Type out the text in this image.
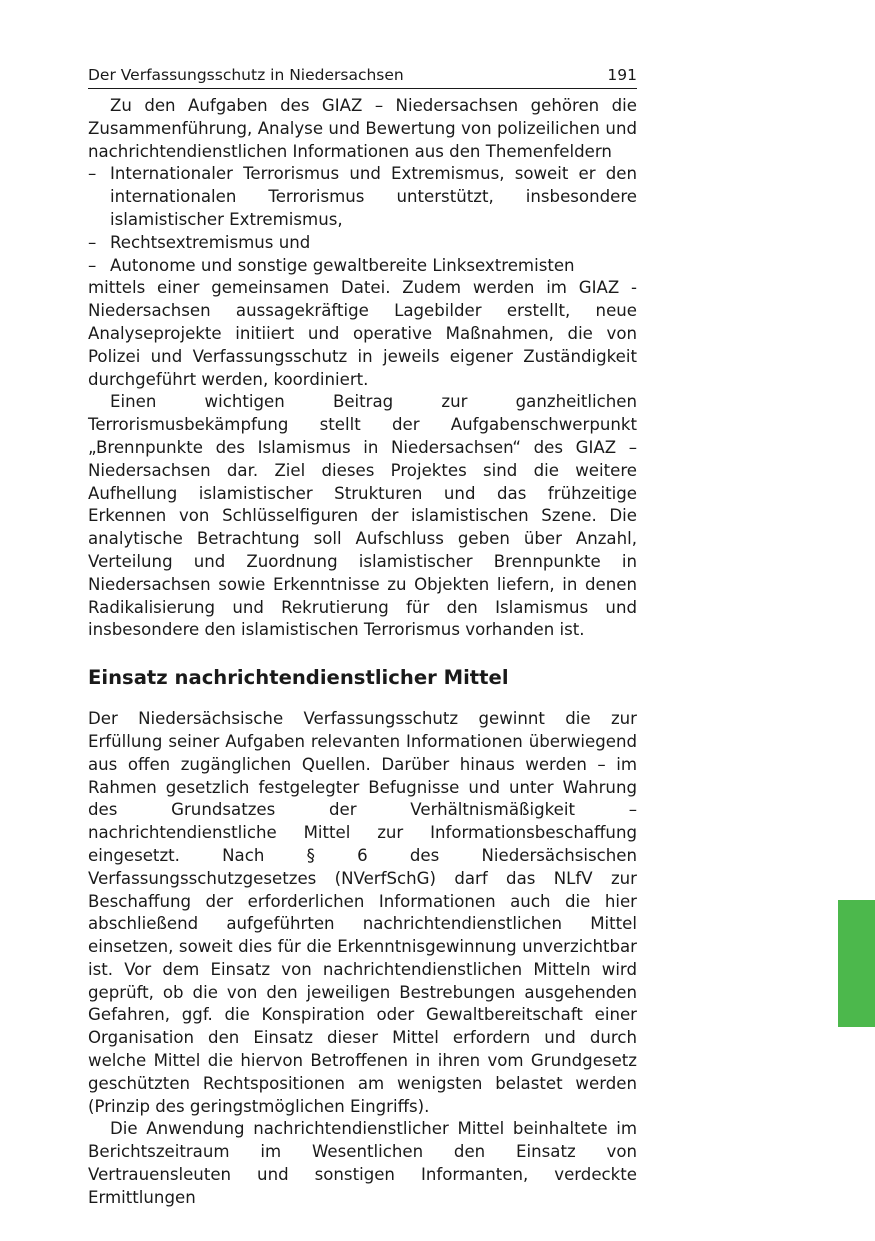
Der Verfassungsschutz in Niedersachsen	191

Zu den Aufgaben des GIAZ – Niedersachsen gehören die Zusammenführung, Analyse und Bewertung von polizeilichen und nachrichtendienstlichen Informationen aus den Themenfeldern

– Internationaler Terrorismus und Extremismus, soweit er den internationalen Terrorismus unterstützt, insbesondere islamistischer Extremismus,
– Rechtsextremismus und
– Autonome und sonstige gewaltbereite Linksextremisten

mittels einer gemeinsamen Datei. Zudem werden im GIAZ - Niedersachsen aussagekräftige Lagebilder erstellt, neue Analyseprojekte initiiert und operative Maßnahmen, die von Polizei und Verfassungsschutz in jeweils eigener Zuständigkeit durchgeführt werden, koordiniert.

Einen wichtigen Beitrag zur ganzheitlichen Terrorismusbekämpfung stellt der Aufgabenschwerpunkt „Brennpunkte des Islamismus in Niedersachsen“ des GIAZ – Niedersachsen dar. Ziel dieses Projektes sind die weitere Aufhellung islamistischer Strukturen und das frühzeitige Erkennen von Schlüsselfiguren der islamistischen Szene. Die analytische Betrachtung soll Aufschluss geben über Anzahl, Verteilung und Zuordnung islamistischer Brennpunkte in Niedersachsen sowie Erkenntnisse zu Objekten liefern, in denen Radikalisierung und Rekrutierung für den Islamismus und insbesondere den islamistischen Terrorismus vorhanden ist.

Einsatz nachrichtendienstlicher Mittel

Der Niedersächsische Verfassungsschutz gewinnt die zur Erfüllung seiner Aufgaben relevanten Informationen überwiegend aus offen zugänglichen Quellen. Darüber hinaus werden – im Rahmen gesetzlich festgelegter Befugnisse und unter Wahrung des Grundsatzes der Verhältnismäßigkeit – nachrichtendienstliche Mittel zur Informationsbeschaffung eingesetzt. Nach § 6 des Niedersächsischen Verfassungsschutzgesetzes (NVerfSchG) darf das NLfV zur Beschaffung der erforderlichen Informationen auch die hier abschließend aufgeführten nachrichtendienstlichen Mittel einsetzen, soweit dies für die Erkenntnisgewinnung unverzichtbar ist. Vor dem Einsatz von nachrichtendienstlichen Mitteln wird geprüft, ob die von den jeweiligen Bestrebungen ausgehenden Gefahren, ggf. die Konspiration oder Gewaltbereitschaft einer Organisation den Einsatz dieser Mittel erfordern und durch welche Mittel die hiervon Betroffenen in ihren vom Grundgesetz geschützten Rechtspositionen am wenigsten belastet werden (Prinzip des geringstmöglichen Eingriffs).

Die Anwendung nachrichtendienstlicher Mittel beinhaltete im Berichtszeitraum im Wesentlichen den Einsatz von Vertrauensleuten und sonstigen Informanten, verdeckte Ermittlungen
